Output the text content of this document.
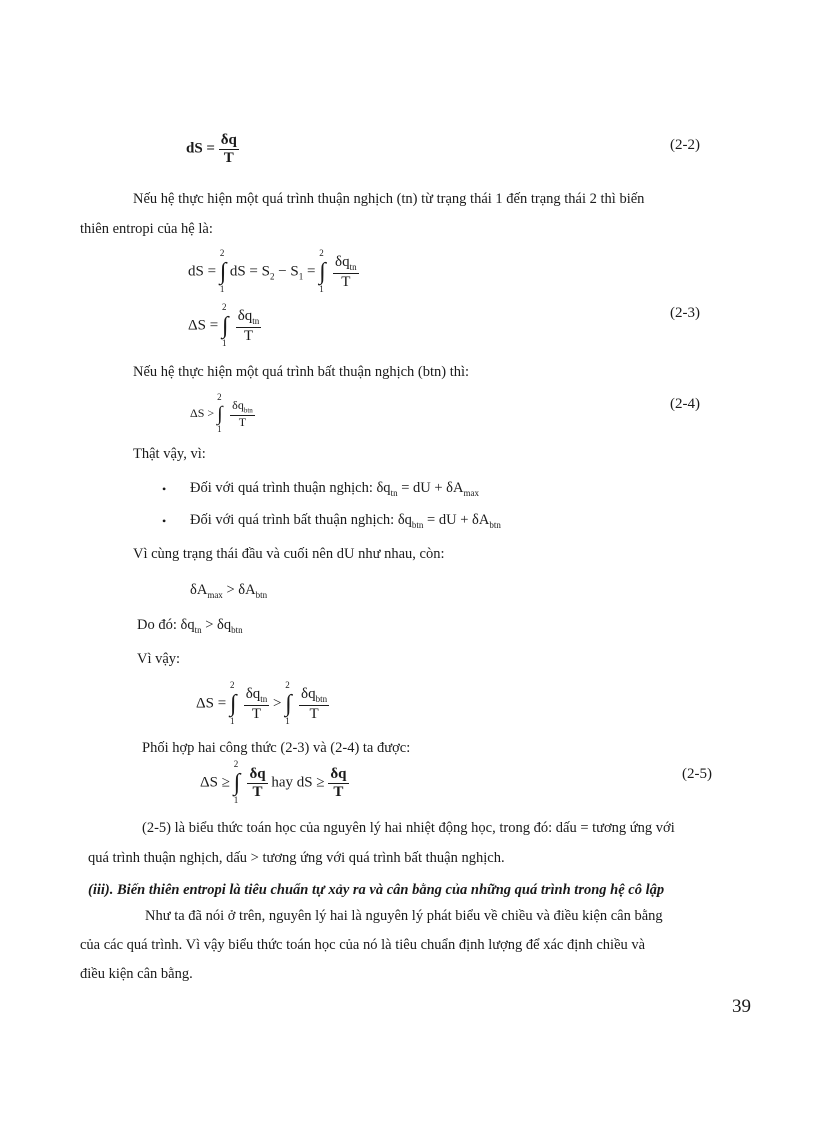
dS = $\frac{\delta q}{T}$	(2-2)
Nếu hệ thực hiện một quá trình thuận nghịch (tn) từ trạng thái 1 đến trạng thái 2 thì biến
thiên entropi của hệ là:
dS =
2
∫
1
dS = $S_2 - S_1$ =
2
∫
1
$\frac{\delta q_{tn}}{T}$
ΔS =
2
∫
1
$\frac{\delta q_{tn}}{T}$	(2-3)
Nếu hệ thực hiện một quá trình bất thuận nghịch (btn) thì:
ΔS >
2
∫
1
$\frac{\delta q_{btn}}{T}$	(2-4)
Thật vậy, vì:
• Đối với quá trình thuận nghịch: $\delta q_{tn}$ = dU + $\delta A_{max}$
• Đối với quá trình bất thuận nghịch: $\delta q_{btn}$ = dU + $\delta A_{btn}$
Vì cùng trạng thái đầu và cuối nên dU như nhau, còn:
$\delta A_{max} > \delta A_{btn}$
Do đó: $\delta q_{tn} > \delta q_{btn}$
Vì vậy:
ΔS =
2
∫
1
$\frac{\delta q_{tn}}{T}$ >
2
∫
1
$\frac{\delta q_{btn}}{T}$
Phối hợp hai công thức (2-3) và (2-4) ta được:
ΔS ≥
2
∫
1
$\frac{\delta q}{T}$ hay dS ≥ $\frac{\delta q}{T}$	(2-5)
(2-5) là biểu thức toán học của nguyên lý hai nhiệt động học, trong đó: dấu = tương ứng với
quá trình thuận nghịch, dấu > tương ứng với quá trình bất thuận nghịch.
(iii). Biến thiên entropi là tiêu chuẩn tự xảy ra và cân bằng của những quá trình trong hệ cô lập
Như ta đã nói ở trên, nguyên lý hai là nguyên lý phát biểu về chiều và điều kiện cân bằng
của các quá trình. Vì vậy biểu thức toán học của nó là tiêu chuẩn định lượng để xác định chiều và
điều kiện cân bằng.
39
